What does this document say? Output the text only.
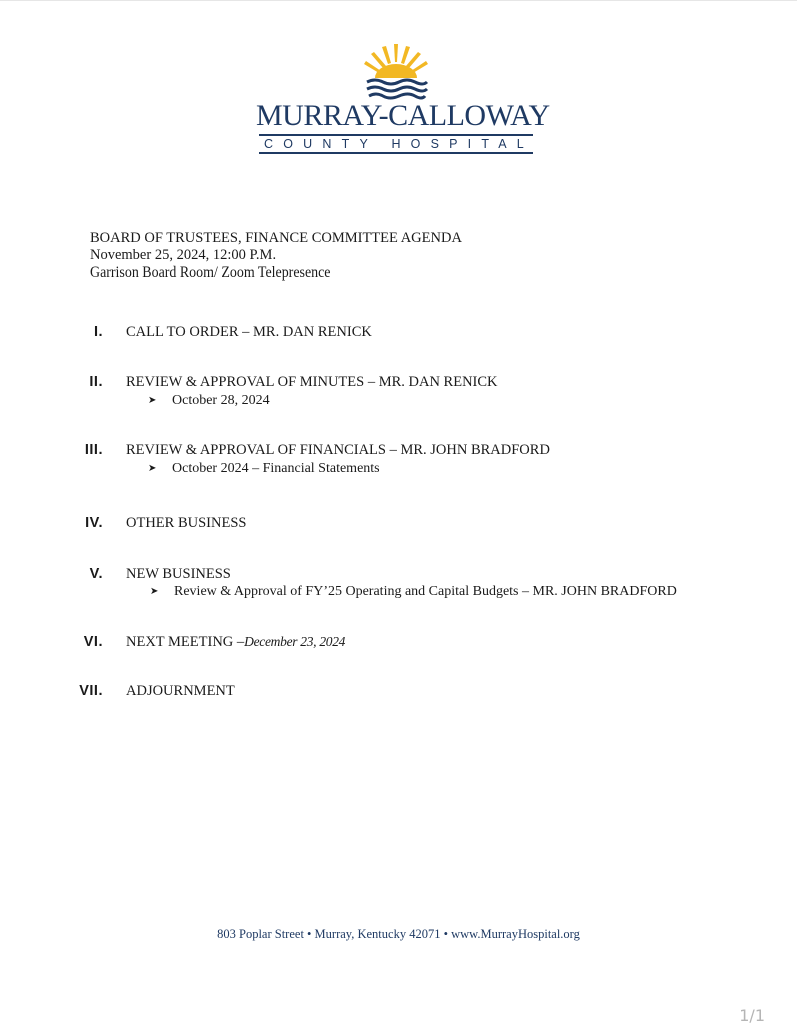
MURRAY-CALLOWAY
COUNTY HOSPITAL
BOARD OF TRUSTEES, FINANCE COMMITTEE AGENDA
November 25, 2024, 12:00 P.M.
Garrison Board Room/ Zoom Telepresence
I. CALL TO ORDER – MR. DAN RENICK
II. REVIEW & APPROVAL OF MINUTES – MR. DAN RENICK
➤ October 28, 2024
III. REVIEW & APPROVAL OF FINANCIALS – MR. JOHN BRADFORD
➤ October 2024 – Financial Statements
IV. OTHER BUSINESS
V. NEW BUSINESS
➤ Review & Approval of FY’25 Operating and Capital Budgets – MR. JOHN BRADFORD
VI. NEXT MEETING –December 23, 2024
VII. ADJOURNMENT
803 Poplar Street • Murray, Kentucky 42071 • www.MurrayHospital.org
1/1
